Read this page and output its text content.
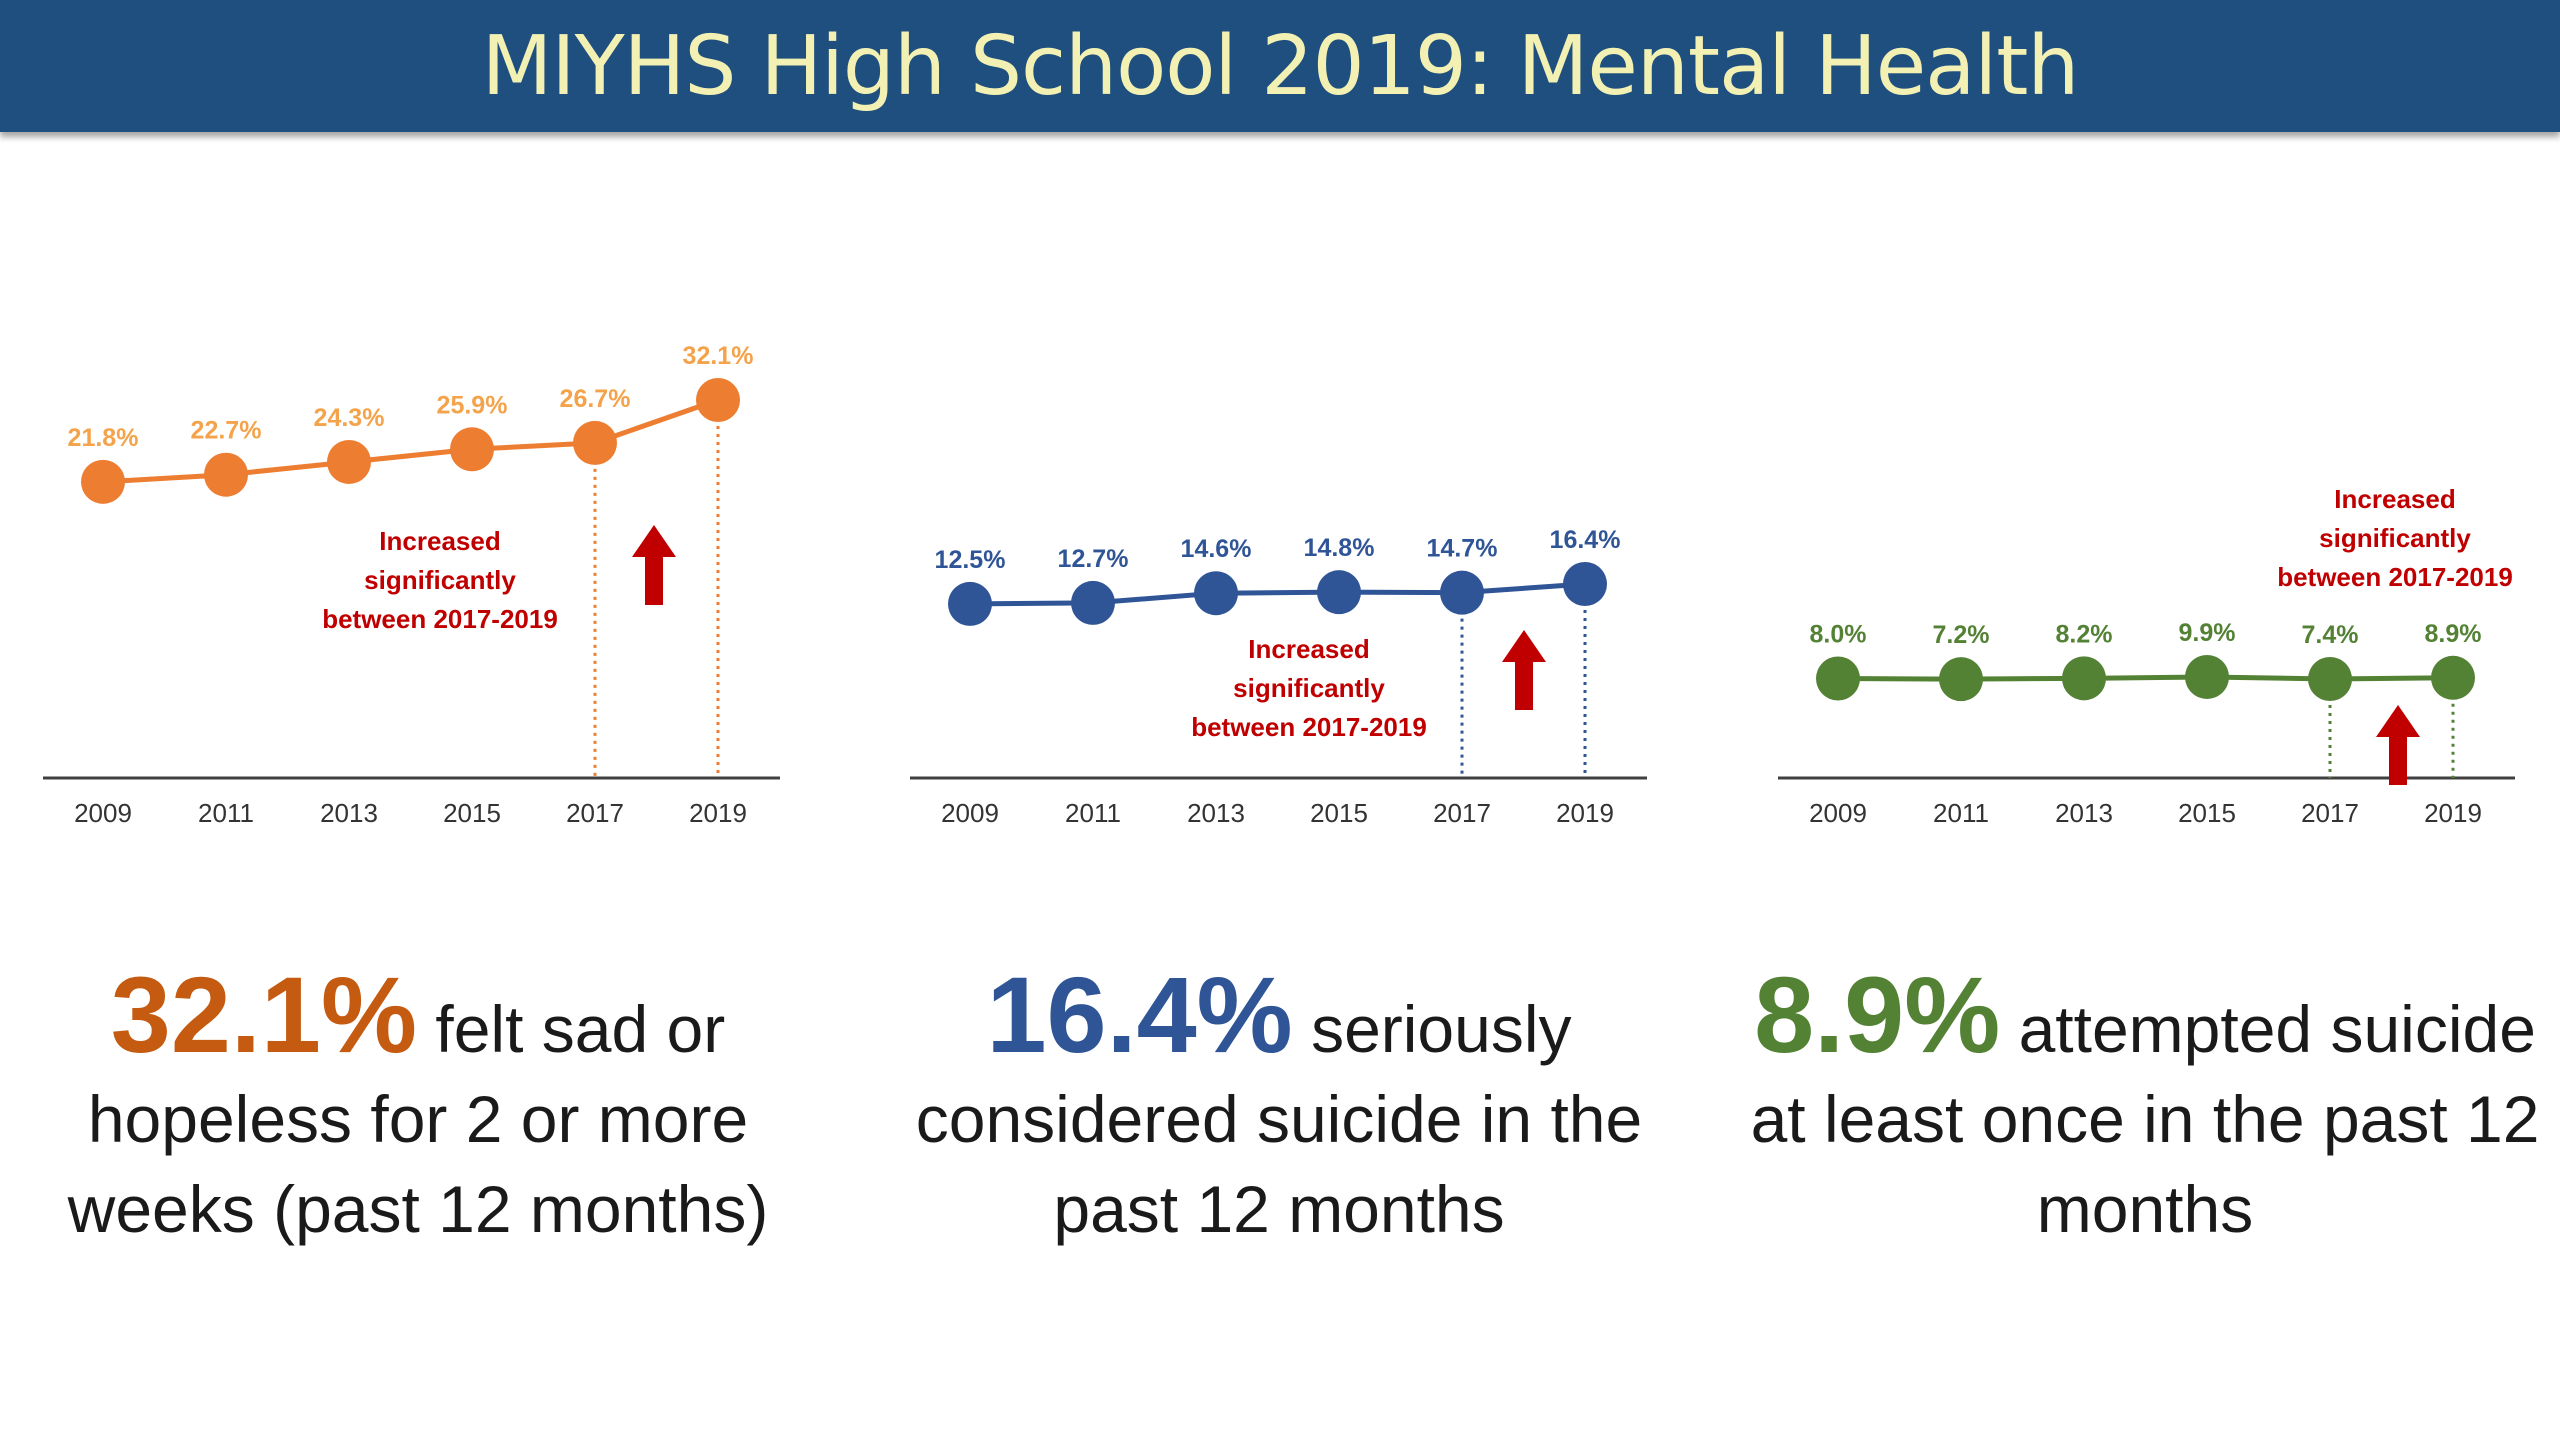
MIYHS High School 2019: Mental Health
21.8% 22.7% 24.3% 25.9% 26.7%
32.1%
2009	2011	2013	2015	2017	2019
Increased
significantly
between 2017-2019
12.5% 12.7% 14.6% 14.8% 14.7% 16.4%
2009	2011	2013	2015	2017	2019
Increased
significantly
between 2017-2019
8.0%	7.2%	8.2%	9.9%	7.4%	8.9%
2009	2011	2013	2015	2017	2019
Increased
significantly
between 2017-2019
32.1% felt sad or hopeless for 2 or more weeks (past 12 months)
16.4% seriously considered suicide in the past 12 months
8.9% attempted suicide at least once in the past 12 months
